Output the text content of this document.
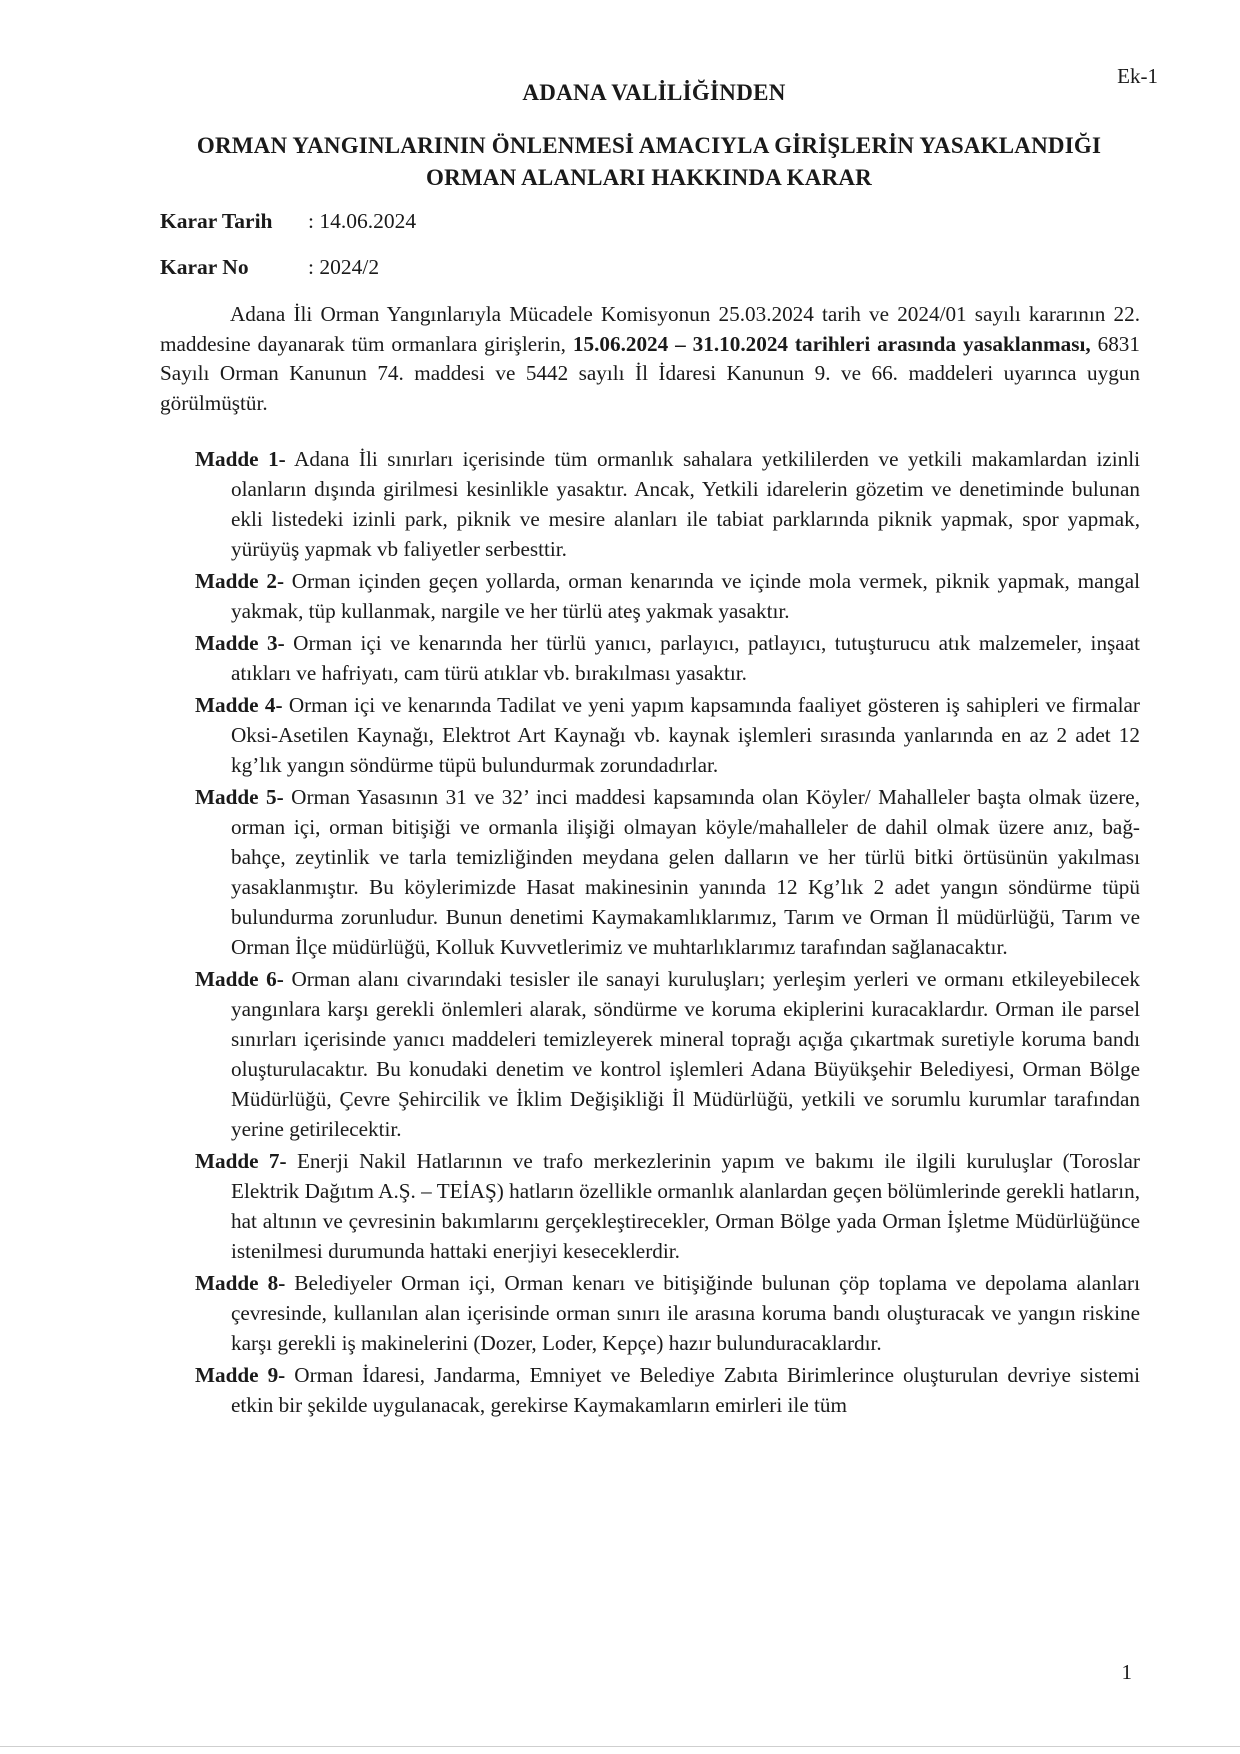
Ek-1
ADANA VALİLİĞİNDEN
ORMAN YANGINLARININ ÖNLENMESİ AMACIYLA GİRİŞLERİN YASAKLANDIĞI
ORMAN ALANLARI HAKKINDA KARAR
Karar Tarih : 14.06.2024
Karar No	: 2024/2
Adana İli Orman Yangınlarıyla Mücadele Komisyonun 25.03.2024 tarih ve 2024/01 sayılı kararının 22. maddesine dayanarak tüm ormanlara girişlerin, 15.06.2024 – 31.10.2024 tarihleri arasında yasaklanması, 6831 Sayılı Orman Kanunun 74. maddesi ve 5442 sayılı İl İdaresi Kanunun 9. ve 66. maddeleri uyarınca uygun görülmüştür.

Madde 1- Adana İli sınırları içerisinde tüm ormanlık sahalara yetkililerden ve yetkili makamlardan izinli olanların dışında girilmesi kesinlikle yasaktır. Ancak, Yetkili idarelerin gözetim ve denetiminde bulunan ekli listedeki izinli park, piknik ve mesire alanları ile tabiat parklarında piknik yapmak, spor yapmak, yürüyüş yapmak vb faliyetler serbesttir.

Madde 2- Orman içinden geçen yollarda, orman kenarında ve içinde mola vermek, piknik yapmak, mangal yakmak, tüp kullanmak, nargile ve her türlü ateş yakmak yasaktır.

Madde 3- Orman içi ve kenarında her türlü yanıcı, parlayıcı, patlayıcı, tutuşturucu atık malzemeler, inşaat atıkları ve hafriyatı, cam türü atıklar vb. bırakılması yasaktır.

Madde 4- Orman içi ve kenarında Tadilat ve yeni yapım kapsamında faaliyet gösteren iş sahipleri ve firmalar Oksi-Asetilen Kaynağı, Elektrot Art Kaynağı vb. kaynak işlemleri sırasında yanlarında en az 2 adet 12 kg’lık yangın söndürme tüpü bulundurmak zorundadırlar.

Madde 5- Orman Yasasının 31 ve 32’ inci maddesi kapsamında olan Köyler/ Mahalleler başta olmak üzere, orman içi, orman bitişiği ve ormanla ilişiği olmayan köyle/mahalleler de dahil olmak üzere anız, bağ-bahçe, zeytinlik ve tarla temizliğinden meydana gelen dalların ve her türlü bitki örtüsünün yakılması yasaklanmıştır. Bu köylerimizde Hasat makinesinin yanında 12 Kg’lık 2 adet yangın söndürme tüpü bulundurma zorunludur. Bunun denetimi Kaymakamlıklarımız, Tarım ve Orman İl müdürlüğü, Tarım ve Orman İlçe müdürlüğü, Kolluk Kuvvetlerimiz ve muhtarlıklarımız tarafından sağlanacaktır.

Madde 6- Orman alanı civarındaki tesisler ile sanayi kuruluşları; yerleşim yerleri ve ormanı etkileyebilecek yangınlara karşı gerekli önlemleri alarak, söndürme ve koruma ekiplerini kuracaklardır. Orman ile parsel sınırları içerisinde yanıcı maddeleri temizleyerek mineral toprağı açığa çıkartmak suretiyle koruma bandı oluşturulacaktır. Bu konudaki denetim ve kontrol işlemleri Adana Büyükşehir Belediyesi, Orman Bölge Müdürlüğü, Çevre Şehircilik ve İklim Değişikliği İl Müdürlüğü, yetkili ve sorumlu kurumlar tarafından yerine getirilecektir.

Madde 7- Enerji Nakil Hatlarının ve trafo merkezlerinin yapım ve bakımı ile ilgili kuruluşlar (Toroslar Elektrik Dağıtım A.Ş. – TEİAŞ) hatların özellikle ormanlık alanlardan geçen bölümlerinde gerekli hatların, hat altının ve çevresinin bakımlarını gerçekleştirecekler, Orman Bölge yada Orman İşletme Müdürlüğünce istenilmesi durumunda hattaki enerjiyi keseceklerdir.

Madde 8- Belediyeler Orman içi, Orman kenarı ve bitişiğinde bulunan çöp toplama ve depolama alanları çevresinde, kullanılan alan içerisinde orman sınırı ile arasına koruma bandı oluşturacak ve yangın riskine karşı gerekli iş makinelerini (Dozer, Loder, Kepçe) hazır bulunduracaklardır.

Madde 9- Orman İdaresi, Jandarma, Emniyet ve Belediye Zabıta Birimlerince oluşturulan devriye sistemi etkin bir şekilde uygulanacak, gerekirse Kaymakamların emirleri ile tüm

1
